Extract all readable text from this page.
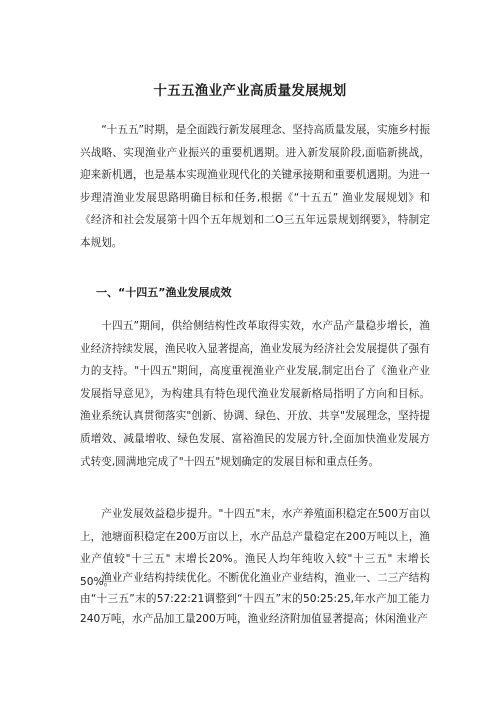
十五五渔业产业高质量发展规划

“十五五”时期，是全面践行新发展理念、坚持高质量发展，实施乡村振兴战略、实现渔业产业振兴的重要机遇期。进入新发展阶段,面临新挑战，迎来新机遇，也是基本实现渔业现代化的关键承接期和重要机遇期。为进一步理清渔业发展思路明确目标和任务,根据《“十五五” 渔业发展规划》和《经济和社会发展第十四个五年规划和二O三五年远景规划纲要》，特制定本规划。

一、“十四五”渔业发展成效

十四五”期间，供给侧结构性改革取得实效，水产品产量稳步增长，渔业经济持续发展，渔民收入显著提高，渔业发展为经济社会发展提供了强有力的支持。"十四五"期间，高度重视渔业产业发展,制定出台了《渔业产业发展指导意见》，为构建具有特色现代渔业发展新格局指明了方向和目标。渔业系统认真贯彻落实"创新、协调、绿色、开放、共享"发展理念，坚持提质增效、减量增收、绿色发展、富裕渔民的发展方针,全面加快渔业发展方式转变,圆满地完成了"十四五"规划确定的发展目标和重点任务。

产业发展效益稳步提升。"十四五"末，水产养殖面积稳定在500万亩以上，池塘面积稳定在200万亩以上，水产品总产量稳定在200万吨以上，渔业产值较"十三五" 末增长20%。渔民人均年纯收入较"十三五" 末增长50%。

渔业产业结构持续优化。不断优化渔业产业结构，渔业一、二三产结构由“十三五”末的57:22:21调整到“十四五”末的50:25:25,年水产加工能力240万吨，水产品加工量200万吨，渔业经济附加值显著提高；休闲渔业产
